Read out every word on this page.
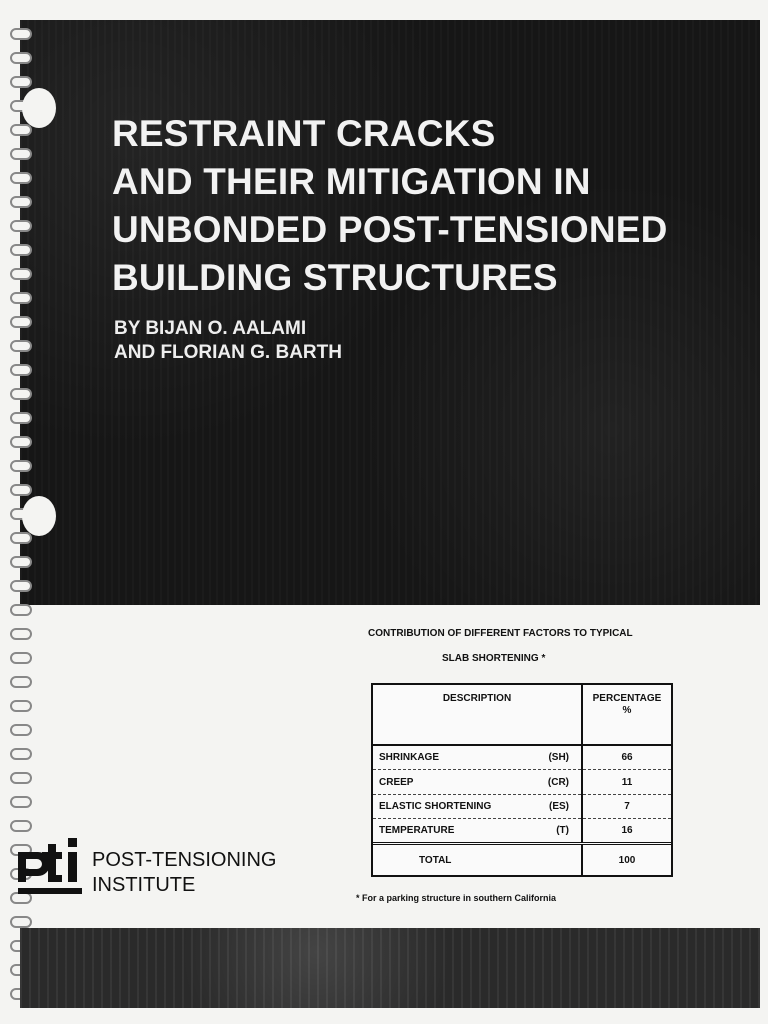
RESTRAINT CRACKS
AND THEIR MITIGATION IN
UNBONDED POST-TENSIONED
BUILDING STRUCTURES
BY BIJAN O. AALAMI
AND FLORIAN G. BARTH
CONTRIBUTION OF DIFFERENT FACTORS TO TYPICAL
SLAB SHORTENING *
DESCRIPTION	PERCENTAGE
%
SHRINKAGE (SH)	66
CREEP (CR)	11
ELASTIC SHORTENING (ES)	7
TEMPERATURE (T)	16
TOTAL	100
* For a parking structure in southern California
POST-TENSIONING
INSTITUTE
